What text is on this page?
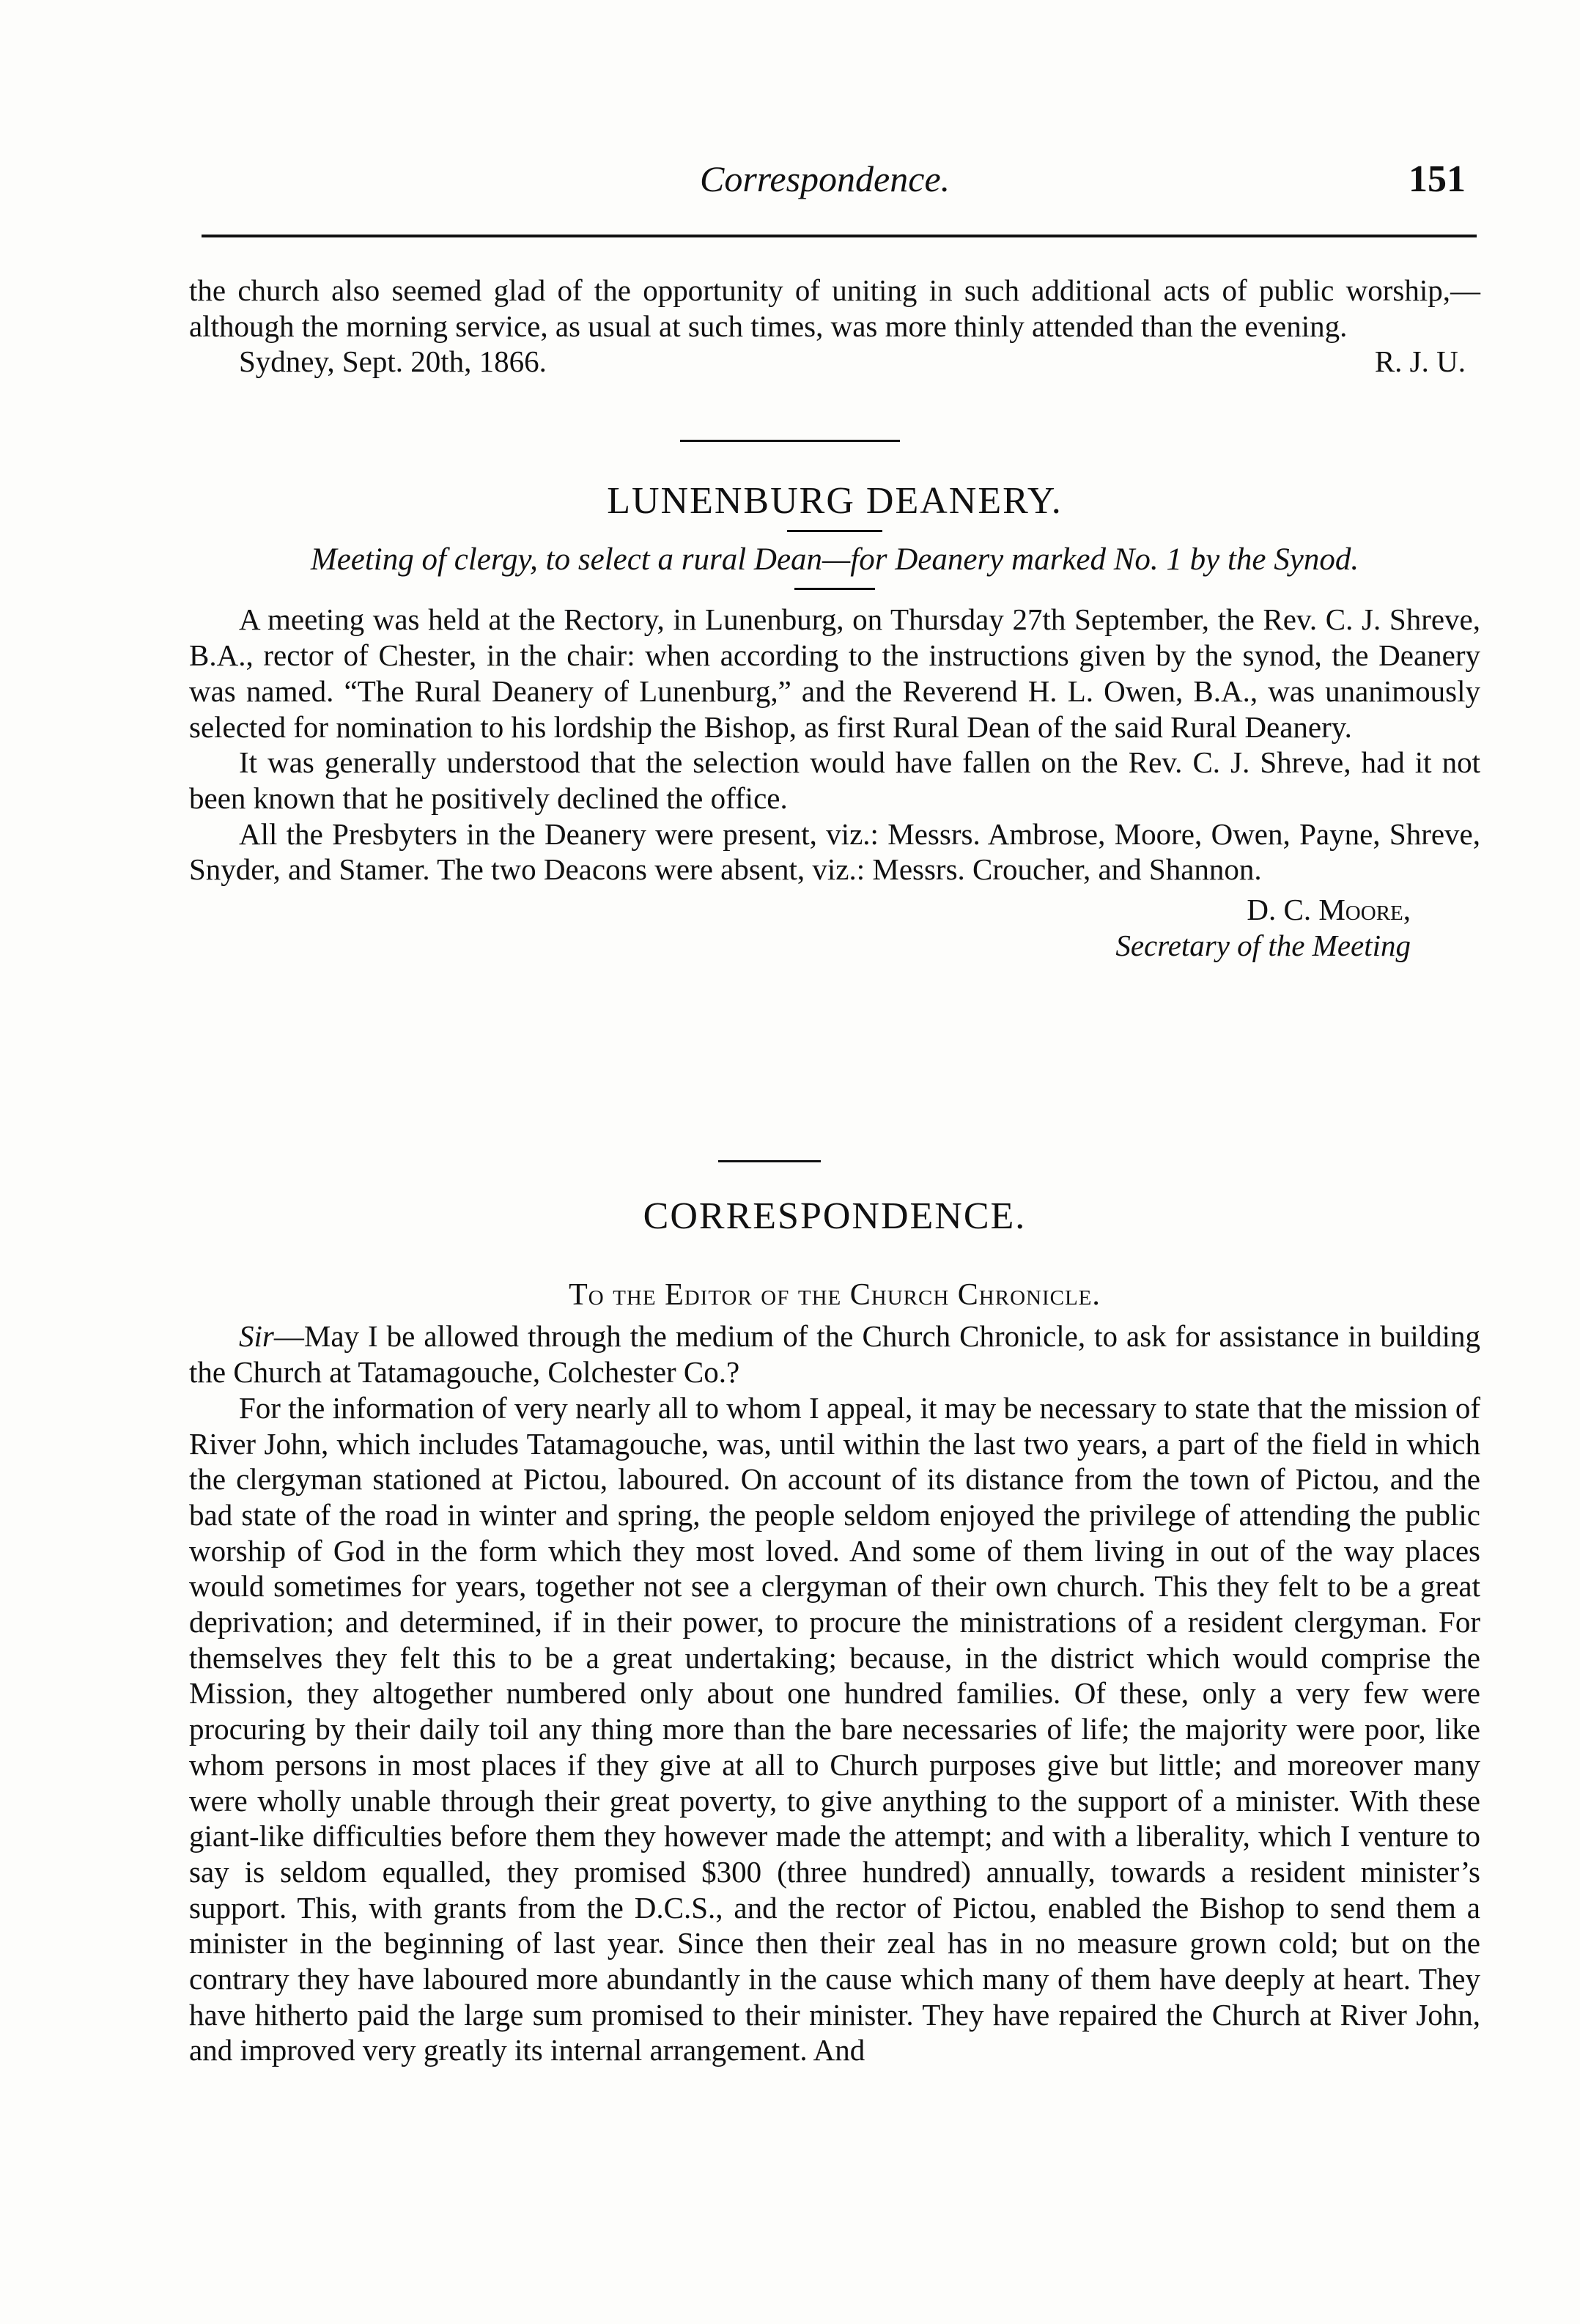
Correspondence.	151

the church also seemed glad of the opportunity of uniting in such additional acts of public worship,—although the morning service, as usual at such times, was more thinly attended than the evening.

Sydney, Sept. 20th, 1866.	R. J. U.
LUNENBURG DEANERY.
Meeting of clergy, to select a rural Dean—for Deanery marked No. 1 by the Synod.

A meeting was held at the Rectory, in Lunenburg, on Thursday 27th September, the Rev. C. J. Shreve, B.A., rector of Chester, in the chair: when according to the instructions given by the synod, the Deanery was named. “The Rural Deanery of Lunenburg,” and the Reverend H. L. Owen, B.A., was unanimously selected for nomination to his lordship the Bishop, as first Rural Dean of the said Rural Deanery.

It was generally understood that the selection would have fallen on the Rev. C. J. Shreve, had it not been known that he positively declined the office.

All the Presbyters in the Deanery were present, viz.: Messrs. Ambrose, Moore, Owen, Payne, Shreve, Snyder, and Stamer. The two Deacons were absent, viz.: Messrs. Croucher, and Shannon.

D. C. Moore,
Secretary of the Meeting
CORRESPONDENCE.
To the Editor of the Church Chronicle.

Sir—May I be allowed through the medium of the Church Chronicle, to ask for assistance in building the Church at Tatamagouche, Colchester Co.?

For the information of very nearly all to whom I appeal, it may be necessary to state that the mission of River John, which includes Tatamagouche, was, until within the last two years, a part of the field in which the clergyman stationed at Pictou, laboured. On account of its distance from the town of Pictou, and the bad state of the road in winter and spring, the people seldom enjoyed the privilege of attending the public worship of God in the form which they most loved. And some of them living in out of the way places would sometimes for years, together not see a clergyman of their own church. This they felt to be a great deprivation; and determined, if in their power, to procure the ministrations of a resident clergyman. For themselves they felt this to be a great undertaking; because, in the district which would comprise the Mission, they altogether numbered only about one hundred families. Of these, only a very few were procuring by their daily toil any thing more than the bare necessaries of life; the majority were poor, like whom persons in most places if they give at all to Church purposes give but little; and moreover many were wholly unable through their great poverty, to give anything to the support of a minister. With these giant-like difficulties before them they however made the attempt; and with a liberality, which I venture to say is seldom equalled, they promised $300 (three hundred) annually, towards a resident minister’s support. This, with grants from the D.C.S., and the rector of Pictou, enabled the Bishop to send them a minister in the beginning of last year. Since then their zeal has in no measure grown cold; but on the contrary they have laboured more abundantly in the cause which many of them have deeply at heart. They have hitherto paid the large sum promised to their minister. They have repaired the Church at River John, and improved very greatly its internal arrangement. And
